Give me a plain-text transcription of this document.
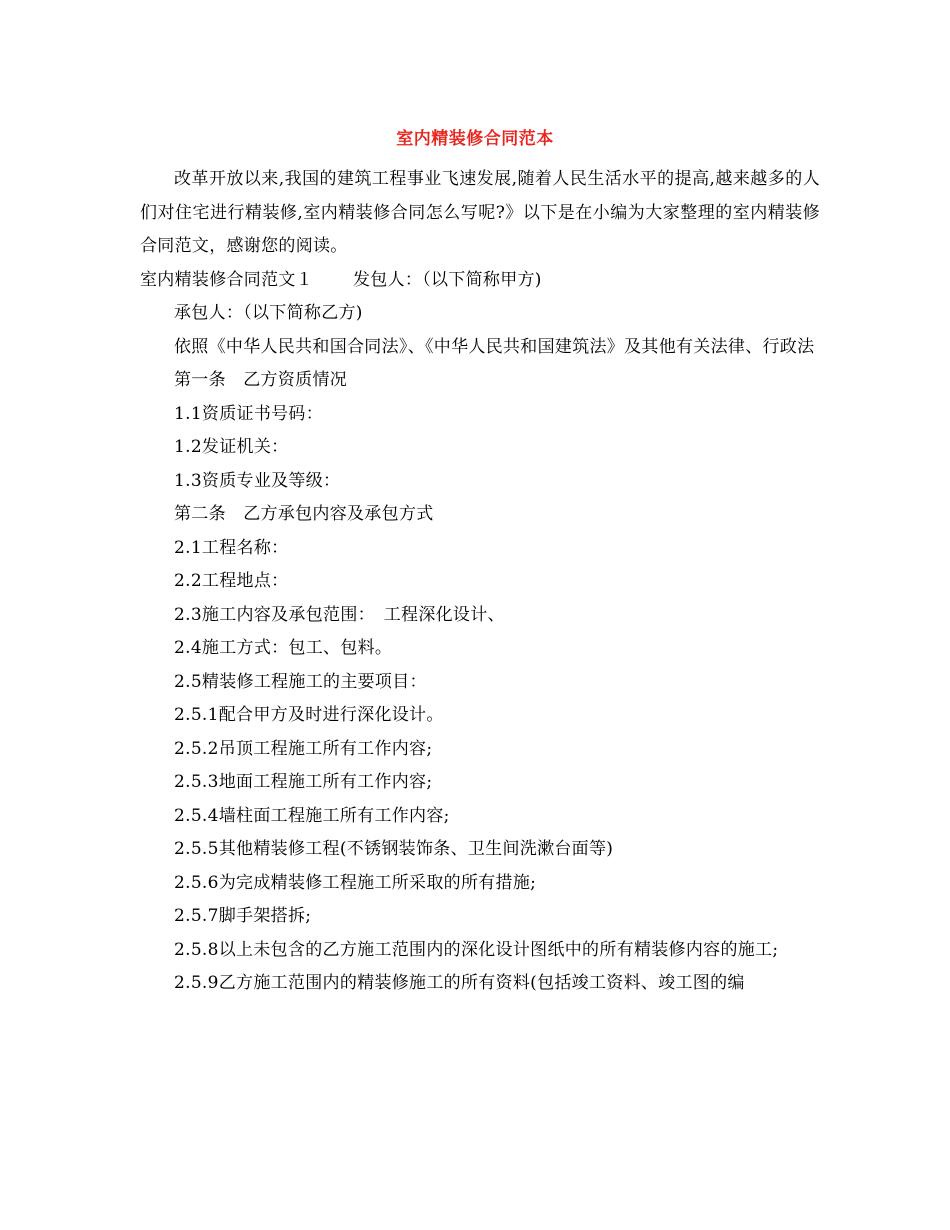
室内精装修合同范本

改革开放以来,我国的建筑工程事业飞速发展,随着人民生活水平的提高,越来越多的人们对住宅进行精装修,室内精装修合同怎么写呢?》以下是在小编为大家整理的室内精装修合同范文，感谢您的阅读。

室内精装修合同范文１ 发包人：（以下简称甲方)

承包人：（以下简称乙方)

依照《中华人民共和国合同法》、《中华人民共和国建筑法》及其他有关法律、行政法

第一条　乙方资质情况

1.1资质证书号码：

1.2发证机关：

1.3资质专业及等级：

第二条　乙方承包内容及承包方式

2.1工程名称：

2.2工程地点：

2.3施工内容及承包范围：　工程深化设计、

2.4施工方式：包工、包料。

2.5精装修工程施工的主要项目：

2.5.1配合甲方及时进行深化设计。

2.5.2吊顶工程施工所有工作内容;

2.5.3地面工程施工所有工作内容;

2.5.4墙柱面工程施工所有工作内容;

2.5.5其他精装修工程(不锈钢装饰条、卫生间洗漱台面等)

2.5.6为完成精装修工程施工所采取的所有措施;

2.5.7脚手架搭拆;

2.5.8以上未包含的乙方施工范围内的深化设计图纸中的所有精装修内容的施工;

2.5.9乙方施工范围内的精装修施工的所有资料(包括竣工资料、竣工图的编
